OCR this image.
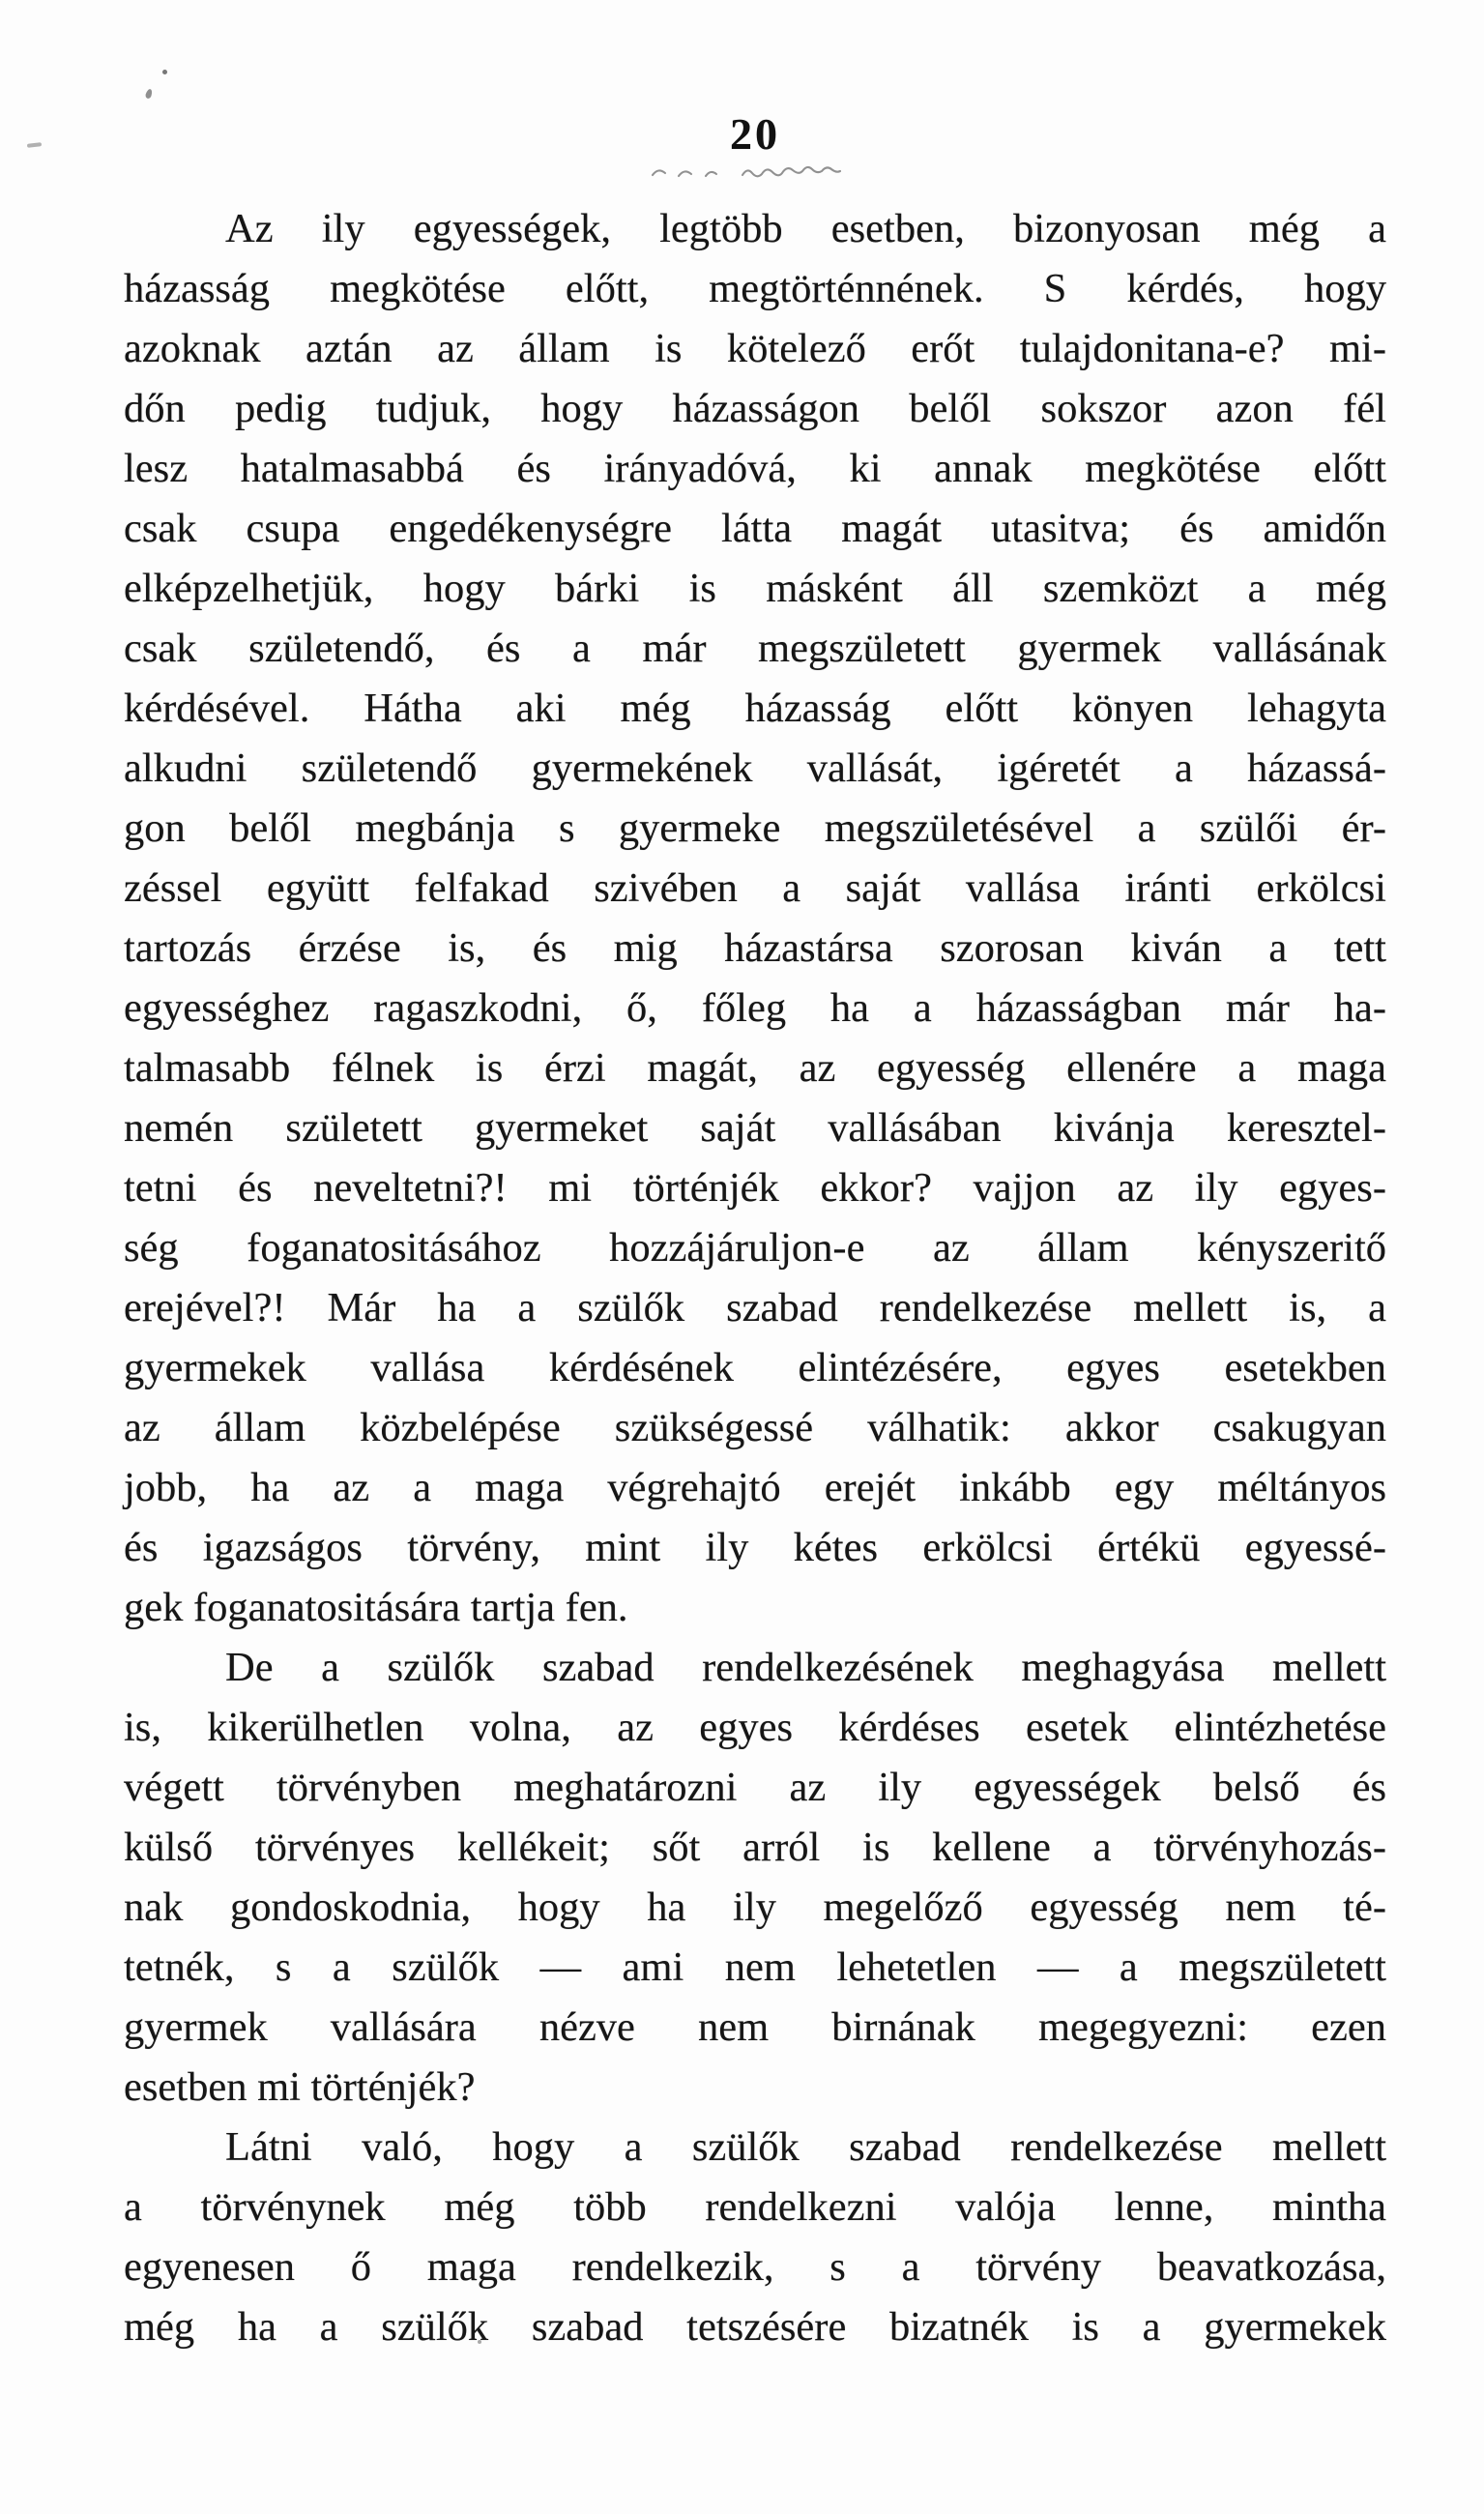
20
Az ily egyességek, legtöbb esetben, bizonyosan még a
házasság megkötése előtt, megtörténnének. S kérdés, hogy
azoknak aztán az állam is kötelező erőt tulajdonitana-e? mi-
dőn pedig tudjuk, hogy házasságon belől sokszor azon fél
lesz hatalmasabbá és irányadóvá, ki annak megkötése előtt
csak csupa engedékenységre látta magát utasitva; és amidőn
elképzelhetjük, hogy bárki is másként áll szemközt a még
csak születendő, és a már megszületett gyermek vallásának
kérdésével. Hátha aki még házasság előtt könyen lehagyta
alkudni születendő gyermekének vallását, igéretét a házassá-
gon belől megbánja s gyermeke megszületésével a szülői ér-
zéssel együtt felfakad szivében a saját vallása iránti erkölcsi
tartozás érzése is, és mig házastársa szorosan kiván a tett
egyességhez ragaszkodni, ő, főleg ha a házasságban már ha-
talmasabb félnek is érzi magát, az egyesség ellenére a maga
nemén született gyermeket saját vallásában kivánja keresztel-
tetni és neveltetni?! mi történjék ekkor? vajjon az ily egyes-
ség foganatositásához hozzájáruljon-e az állam kényszeritő
erejével?! Már ha a szülők szabad rendelkezése mellett is, a
gyermekek vallása kérdésének elintézésére, egyes esetekben
az állam közbelépése szükségessé válhatik: akkor csakugyan
jobb, ha az a maga végrehajtó erejét inkább egy méltányos
és igazságos törvény, mint ily kétes erkölcsi értékü egyessé-
gek foganatositására tartja fen.
De a szülők szabad rendelkezésének meghagyása mellett
is, kikerülhetlen volna, az egyes kérdéses esetek elintézhetése
végett törvényben meghatározni az ily egyességek belső és
külső törvényes kellékeit; sőt arról is kellene a törvényhozás-
nak gondoskodnia, hogy ha ily megelőző egyesség nem té-
tetnék, s a szülők — ami nem lehetetlen — a megszületett
gyermek vallására nézve nem birnának megegyezni: ezen
esetben mi történjék?
Látni való, hogy a szülők szabad rendelkezése mellett
a törvénynek még több rendelkezni valója lenne, mintha
egyenesen ő maga rendelkezik, s a törvény beavatkozása,
még ha a szülők szabad tetszésére bizatnék is a gyermekek
